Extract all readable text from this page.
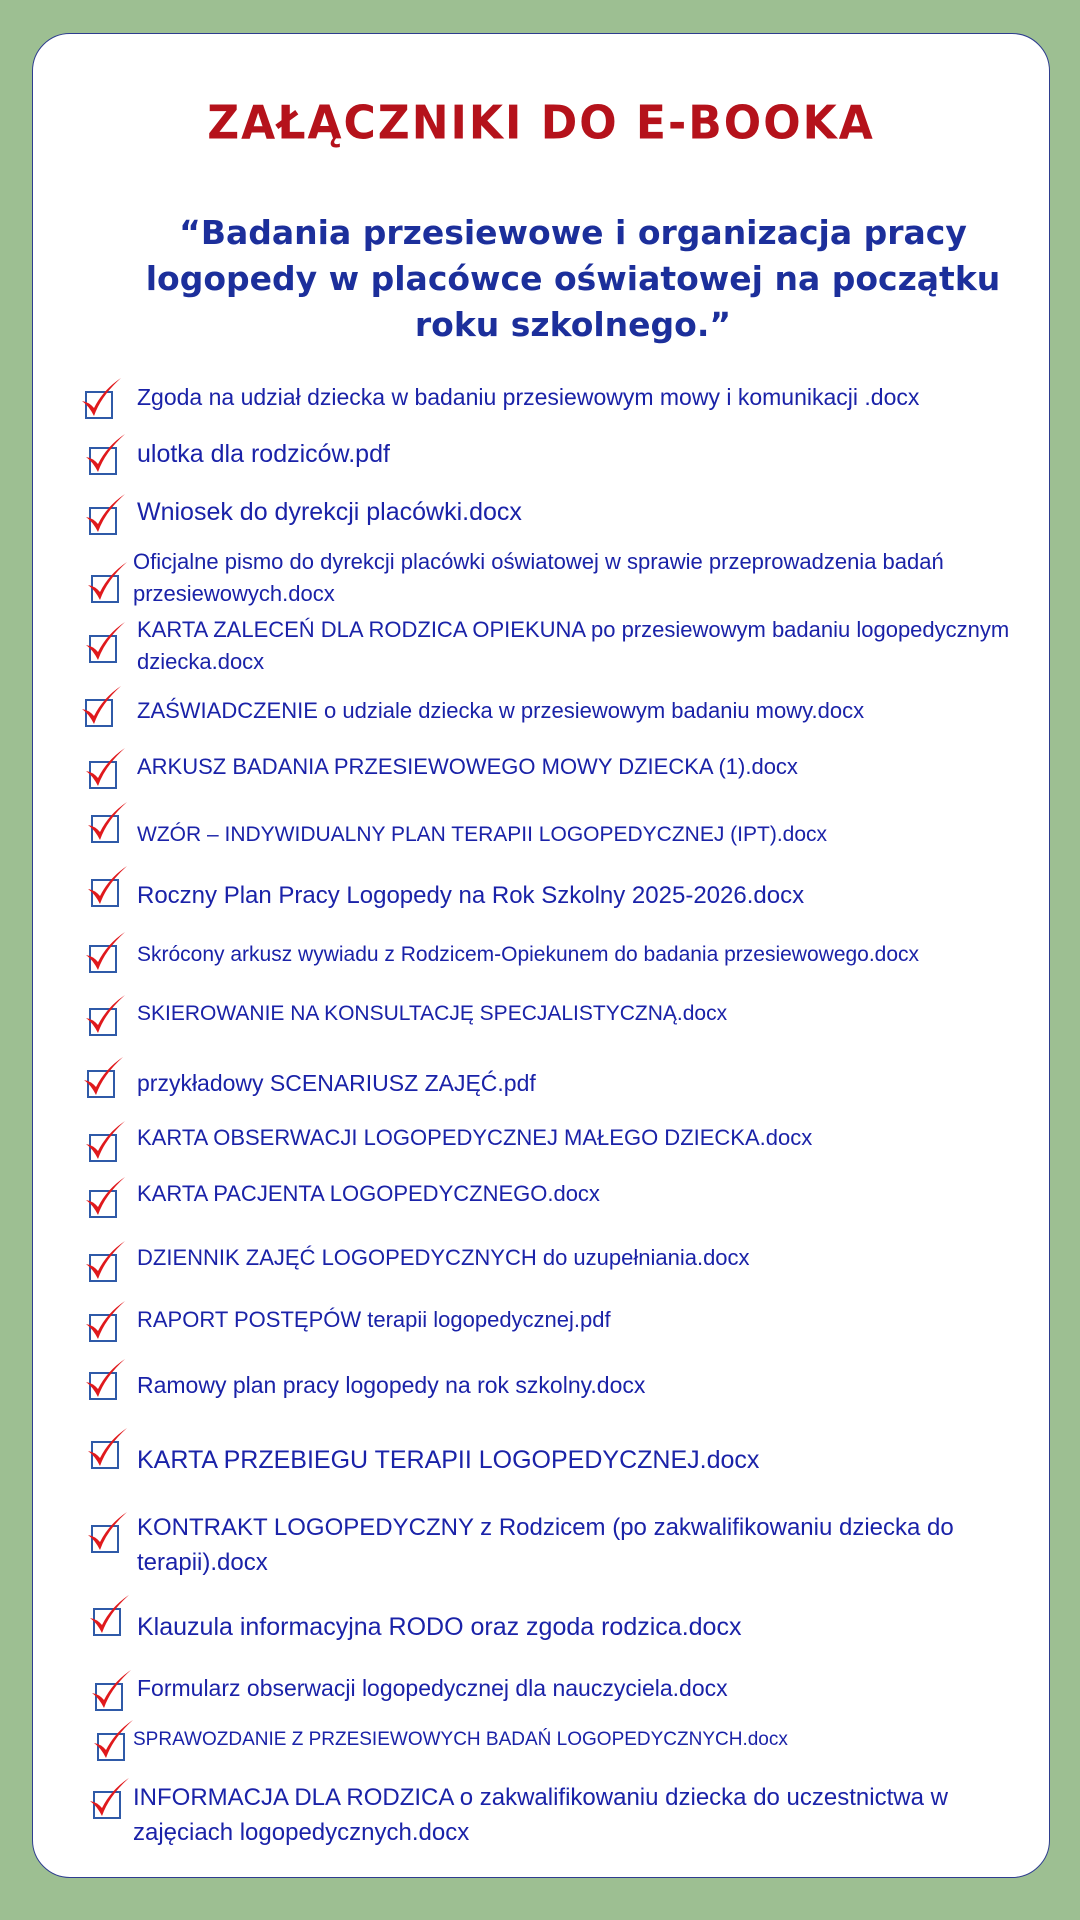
ZAŁĄCZNIKI DO E-BOOKA

“Badania przesiewowe i organizacja pracy logopedy w placówce oświatowej na początku roku szkolnego.”

Zgoda na udział dziecka w badaniu przesiewowym mowy i komunikacji .docx

ulotka dla rodziców.pdf

Wniosek do dyrekcji placówki.docx

Oficjalne pismo do dyrekcji placówki oświatowej w sprawie przeprowadzenia badań przesiewowych.docx

KARTA ZALECEŃ DLA RODZICA OPIEKUNA po przesiewowym badaniu logopedycznym dziecka.docx

ZAŚWIADCZENIE o udziale dziecka w przesiewowym badaniu mowy.docx

ARKUSZ BADANIA PRZESIEWOWEGO MOWY DZIECKA (1).docx

WZÓR – INDYWIDUALNY PLAN TERAPII LOGOPEDYCZNEJ (IPT).docx

Roczny Plan Pracy Logopedy na Rok Szkolny 2025-2026.docx

Skrócony arkusz wywiadu z Rodzicem-Opiekunem do badania przesiewowego.docx

SKIEROWANIE NA KONSULTACJĘ SPECJALISTYCZNĄ.docx

przykładowy SCENARIUSZ ZAJĘĆ.pdf

KARTA OBSERWACJI LOGOPEDYCZNEJ MAŁEGO DZIECKA.docx

KARTA PACJENTA LOGOPEDYCZNEGO.docx

DZIENNIK ZAJĘĆ LOGOPEDYCZNYCH do uzupełniania.docx

RAPORT POSTĘPÓW terapii logopedycznej.pdf

Ramowy plan pracy logopedy na rok szkolny.docx

KARTA PRZEBIEGU TERAPII LOGOPEDYCZNEJ.docx

KONTRAKT LOGOPEDYCZNY z Rodzicem (po zakwalifikowaniu dziecka do terapii).docx

Klauzula informacyjna RODO oraz zgoda rodzica.docx

Formularz obserwacji logopedycznej dla nauczyciela.docx

SPRAWOZDANIE Z PRZESIEWOWYCH BADAŃ LOGOPEDYCZNYCH.docx

INFORMACJA DLA RODZICA o zakwalifikowaniu dziecka do uczestnictwa w zajęciach logopedycznych.docx
